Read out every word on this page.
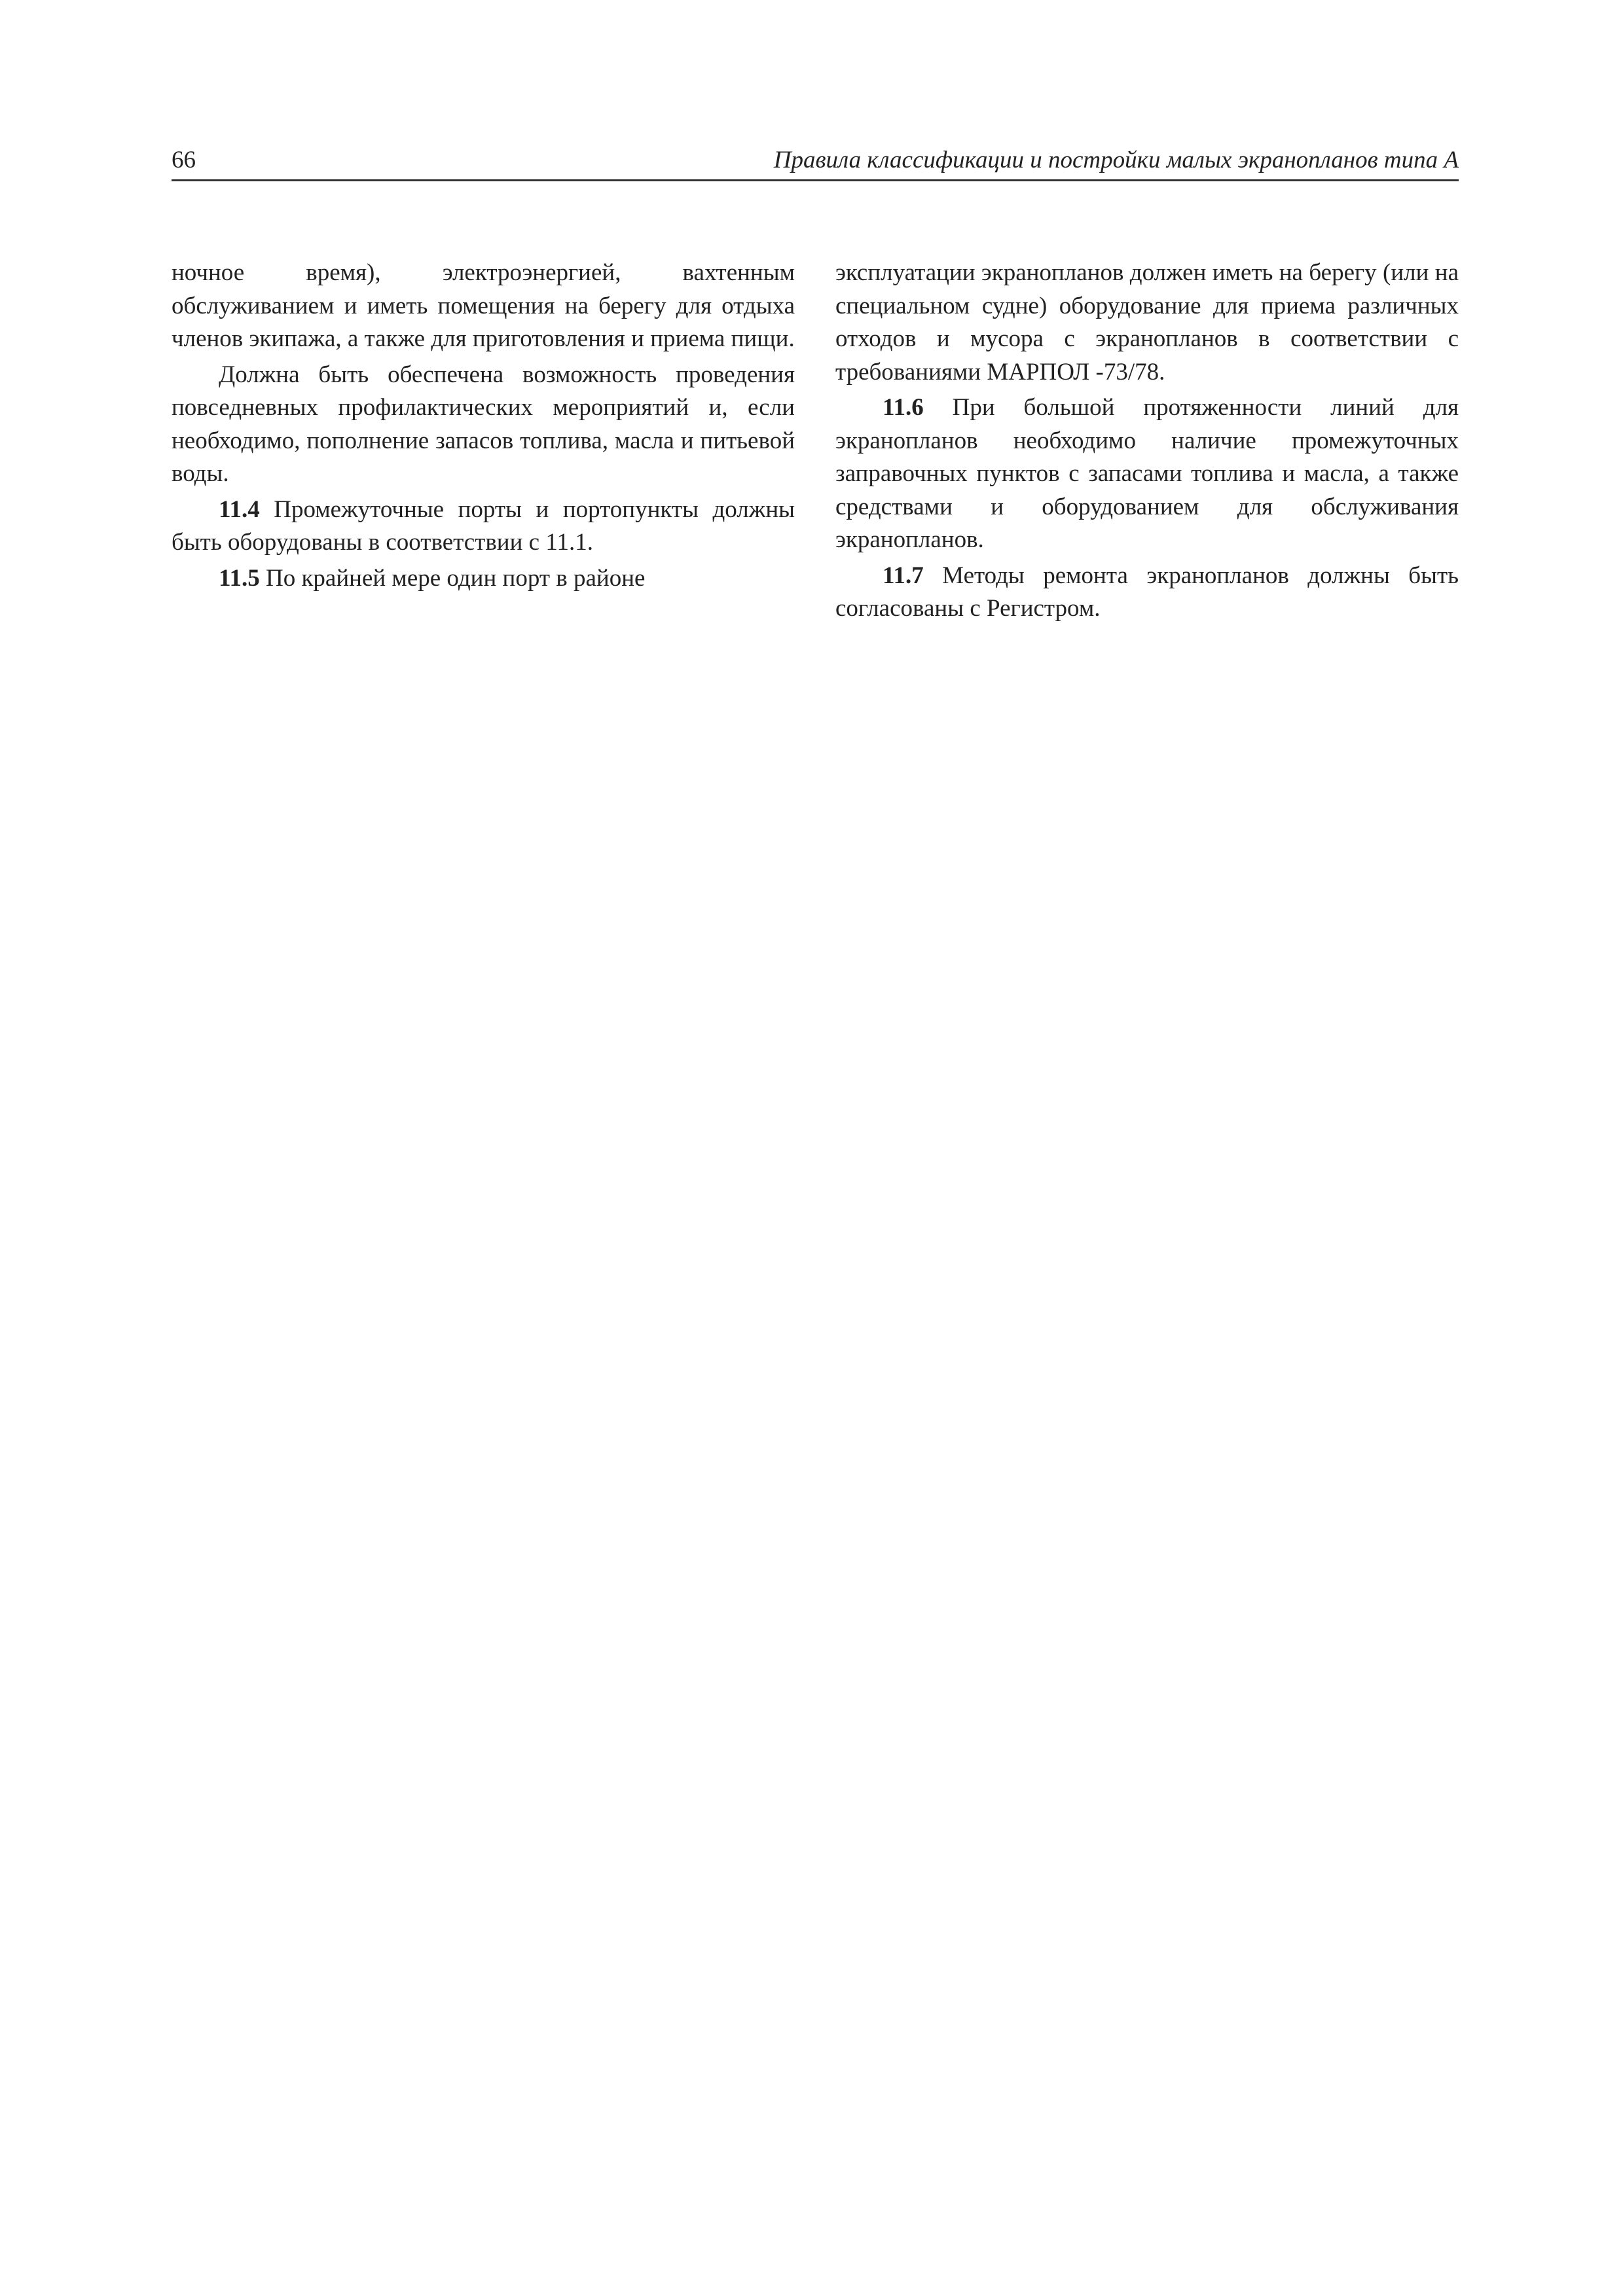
66	Правила классификации и постройки малых экранопланов типа А

ночное время), электроэнергией, вахтенным обслуживанием и иметь помещения на берегу для отдыха членов экипажа, а также для приготовления и приема пищи.

Должна быть обеспечена возможность проведения повседневных профилактических мероприятий и, если необходимо, пополнение запасов топлива, масла и питьевой воды.

11.4 Промежуточные порты и портопункты должны быть оборудованы в соответствии с 11.1.

11.5 По крайней мере один порт в районе

эксплуатации экранопланов должен иметь на берегу (или на специальном судне) оборудование для приема различных отходов и мусора с экранопланов в соответствии с требованиями МАРПОЛ -73/78.

11.6 При большой протяженности линий для экранопланов необходимо наличие промежуточных заправочных пунктов с запасами топлива и масла, а также средствами и оборудованием для обслуживания экранопланов.

11.7 Методы ремонта экранопланов должны быть согласованы с Регистром.
